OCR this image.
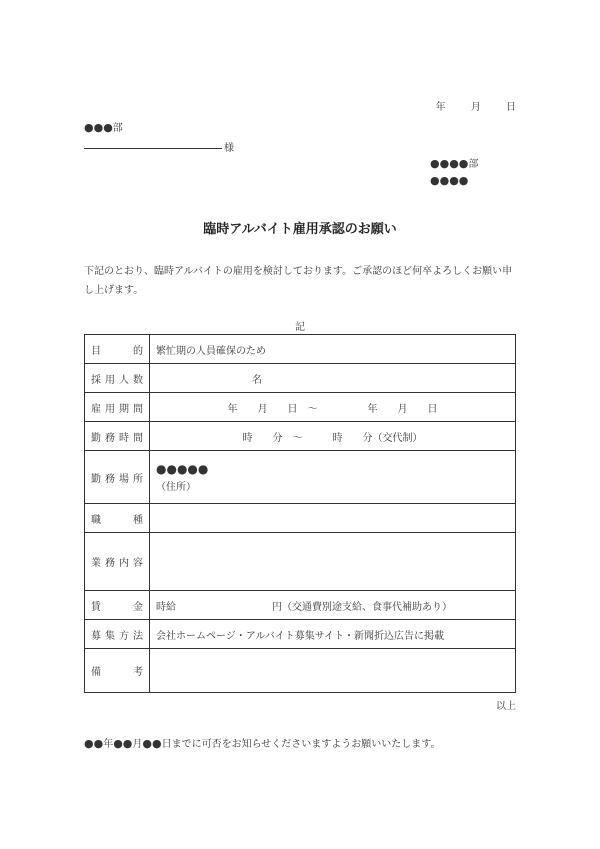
年	月	日
●●●部
様
●●●●部
●●●●
臨時アルバイト雇用承認のお願い
下記のとおり、臨時アルバイトの雇用を検討しております。ご承認のほど何卒よろしくお願い申し上げます。
記
目的	繁忙期の人員確保のため
採用人数	名
雇用期間	年　　月　　日　～　　　　　年　　月　　日
勤務時間	時　　分　～　　　時　　分（交代制）
勤務場所	●●●●●
（住所）

職種	
業務内容	
賃金	時給 円（交通費別途支給、食事代補助あり）
募集方法	会社ホームページ・アルバイト募集サイト・新聞折込広告に掲載
備考	
以上
●●年●●月●●日までに可否をお知らせくださいますようお願いいたします。
